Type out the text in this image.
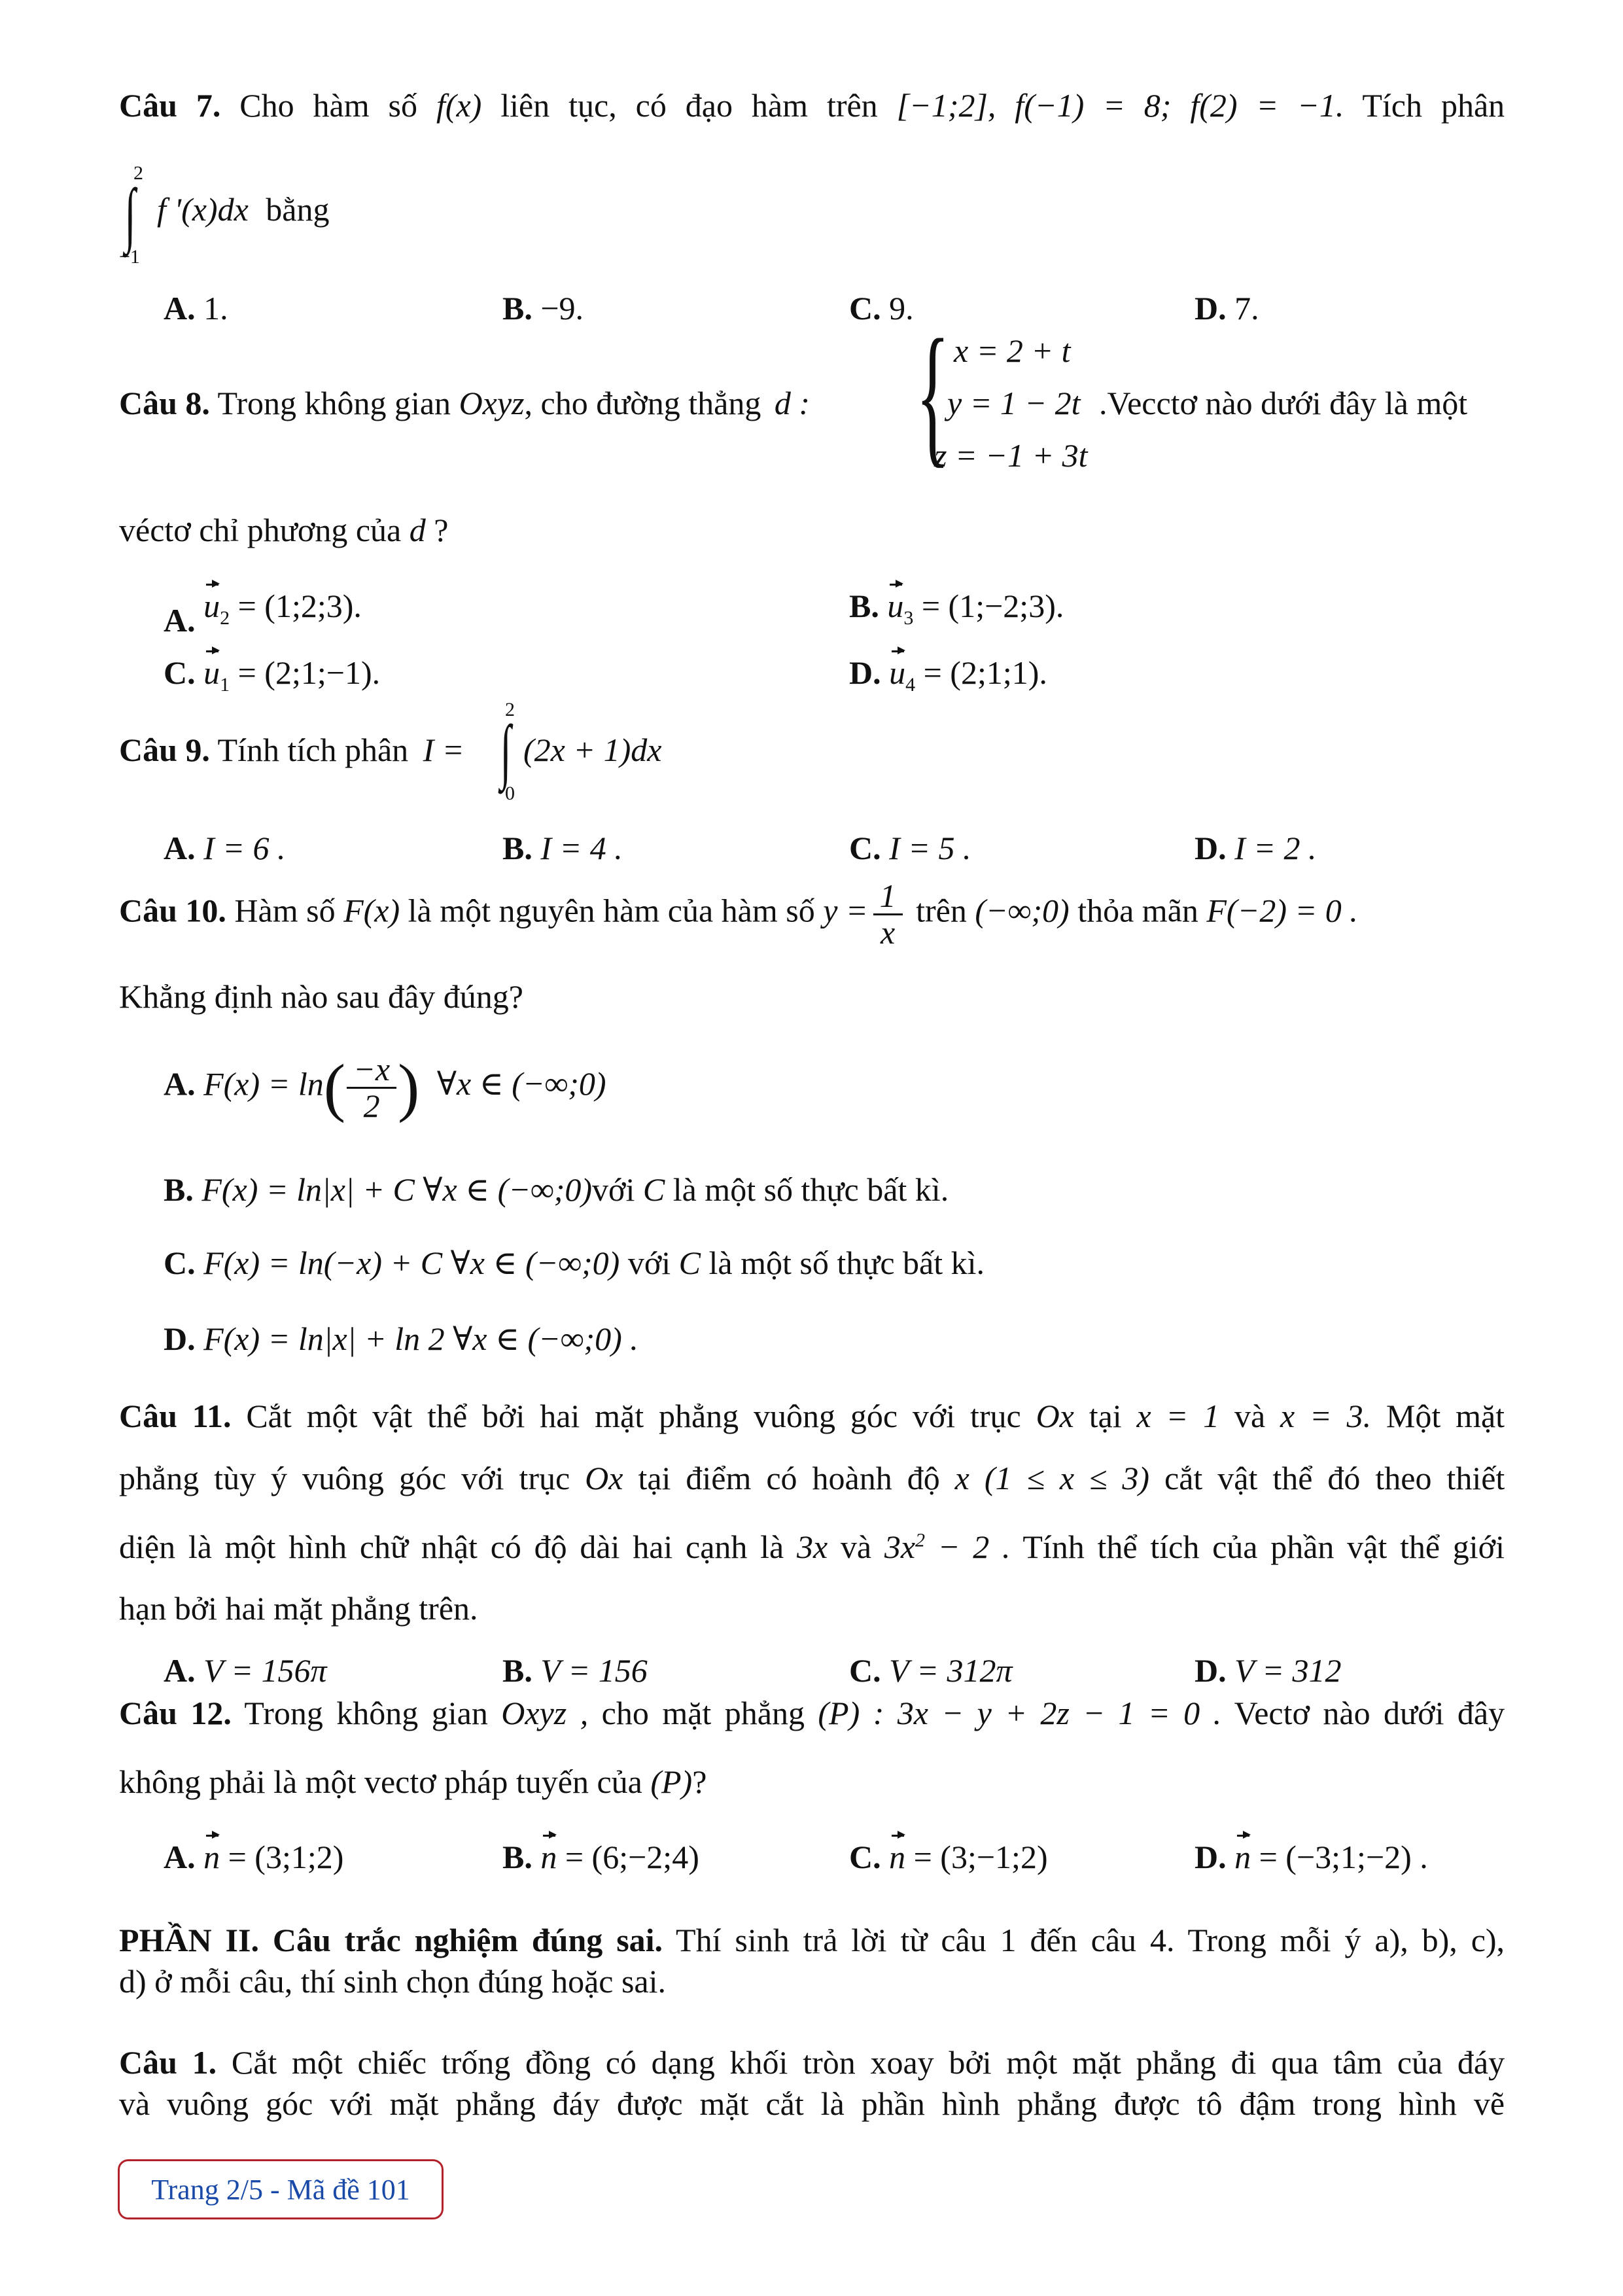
Câu 7. Cho hàm số f(x) liên tục, có đạo hàm trên [−1;2], f(−1) = 8; f(2) = −1. Tích phân
2
∫
−1
f '(x)dx bằng
A. 1.	B. −9.	C. 9.	D. 7.
Câu 8. Trong không gian Oxyz, cho đường thẳng d : { x = 2 + t
y = 1 − 2t
z = −1 + 3t
.Vecctơ nào dưới đây là một
véctơ chỉ phương của d ?
A. $u_2$ = (1;2;3).	B. $u_3$ = (1;−2;3).
C. $u_1$ = (2;1;−1).	D. $u_4$ = (2;1;1).
Câu 9. Tính tích phân I =
2
∫
0
(2x + 1)dx
A. I = 6 .	B. I = 4 .	C. I = 5 .	D. I = 2 .
Câu 10. Hàm số F(x) là một nguyên hàm của hàm số $y = \frac{1}{x}$ trên (−∞;0) thỏa mãn F(−2) = 0 .
Khẳng định nào sau đây đúng?
A. $F(x) = \ln( \frac{-x}{2}$ ) ∀x ∈ (−∞;0)
B. F(x) = ln|x| + C ∀x ∈ (−∞;0)với C là một số thực bất kì.
C. F(x) = ln(−x) + C ∀x ∈ (−∞;0) với C là một số thực bất kì.
D. F(x) = ln|x| + ln 2 ∀x ∈ (−∞;0) .
Câu 11. Cắt một vật thể bởi hai mặt phẳng vuông góc với trục Ox tại x = 1 và x = 3. Một mặt
phẳng tùy ý vuông góc với trục Ox tại điểm có hoành độ x (1 ≤ x ≤ 3) cắt vật thể đó theo thiết
diện là một hình chữ nhật có độ dài hai cạnh là 3x và $3x^2 - 2$ . Tính thể tích của phần vật thể giới
hạn bởi hai mặt phẳng trên.
A. V = 156π	B. V = 156	C. V = 312π	D. V = 312
Câu 12. Trong không gian Oxyz , cho mặt phẳng (P) : 3x − y + 2z − 1 = 0 . Vectơ nào dưới đây
không phải là một vectơ pháp tuyến của (P)?
A. n = (3;1;2)	B. n = (6;−2;4)	C. n = (3;−1;2)	D. n = (−3;1;−2) .
PHẦN II. Câu trắc nghiệm đúng sai. Thí sinh trả lời từ câu 1 đến câu 4. Trong mỗi ý a), b), c),
d) ở mỗi câu, thí sinh chọn đúng hoặc sai.
Câu 1. Cắt một chiếc trống đồng có dạng khối tròn xoay bởi một mặt phẳng đi qua tâm của đáy
và vuông góc với mặt phẳng đáy được mặt cắt là phần hình phẳng được tô đậm trong hình vẽ
Trang 2/5 - Mã đề 101
